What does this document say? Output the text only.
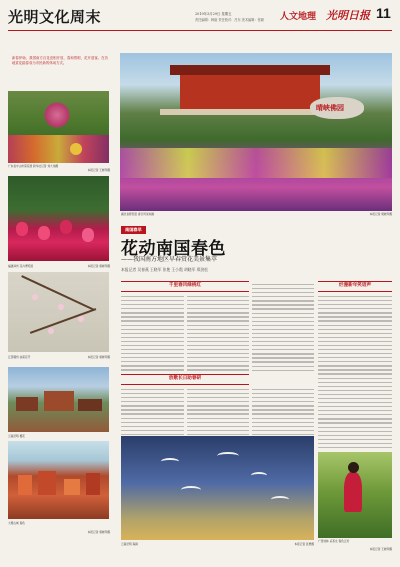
光明文化周末	2019年3月29日 星期五
责任编辑：韩晗 责任校对：吕东 美术编辑：张颖 人文地理 光明日报 11
新春伊始，我国南方百花竞相开放，春和景明，花开迎客。在各地赏花踏春成为市民新的休闲方式。
广东省中山市菊花展 新华社记者 刘大伟摄
本报记者 王晓军摄
福建漳州 花卉博览园	本报记者 胡晓军摄
江西赣州 油菜花开	本报记者 胡晓军摄
云南昆明 樱花
大理古城 春色
本报记者 胡晓军摄
晴峡佛园
湖北省郧西县 春日风景如画	本报记者 胡晓军摄
南国春早
花动南国春色
——我国南方地区早春赏花美景集萃
本报记者 吴春燕 王晓军 张艳 王小霞 胡晓军 郑劲松
千里春风绿桃红	烂漫新年笑语声
放歌长日助春研
云南昆明 海鸥	本报记者 张勇摄
广西桂林 采茶女 春色正好
本报记者 王晓军摄
